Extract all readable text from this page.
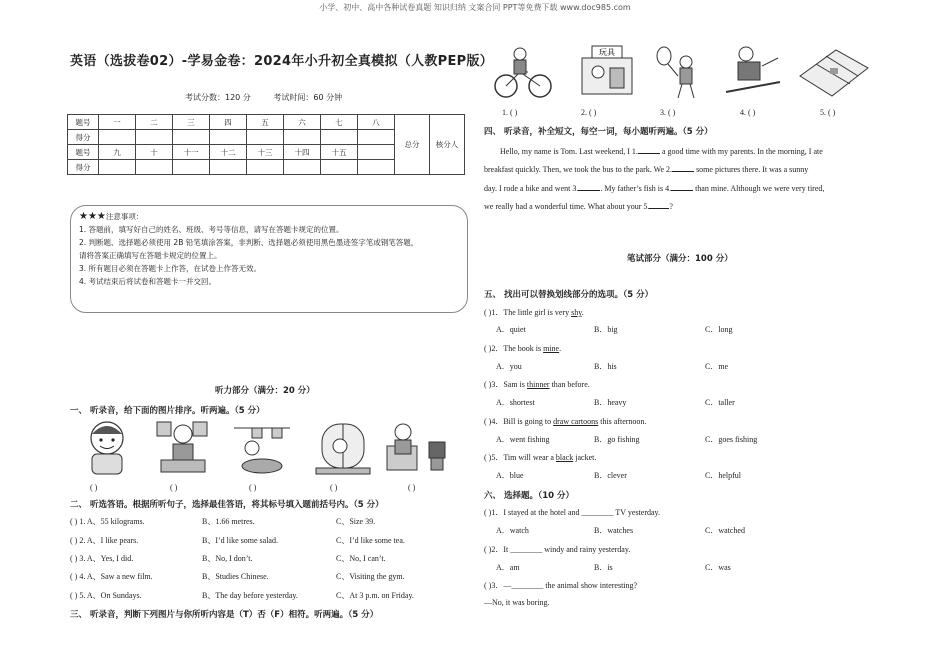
小学、初中、高中各种试卷真题 知识归纳 文案合同 PPT等免费下载 www.doc985.com
英语（选拔卷02）-学易金卷：2024年小升初全真模拟（人教PEP版）
考试分数：120 分	考试时间：60 分钟
题号	一	二	三	四	五	六	七	八	总分	核分人
得分										
题号	九	十	十一	十二	十三	十四	十五			
得分										
★★★注意事项：
1. 答题前，填写好自己的姓名、班级、考号等信息，请写在答题卡规定的位置。
2. 判断题、选择题必须使用 2B 铅笔填涂答案，非判断、选择题必须使用黑色墨迹签字笔或钢笔答题，
请将答案正确填写在答题卡规定的位置上。
3. 所有题目必须在答题卡上作答，在试卷上作答无效。
4. 考试结束后将试卷和答题卡一并交回。
听力部分（满分：20 分）
一、 听录音，给下面的图片排序。听两遍。（5 分）
( )	( )	( )	( )	( )
二、 听选答语。根据所听句子，选择最佳答语，将其标号填入题前括号内。（5 分）
( ) 1. A、55 kilograms.	B、1.66 metres.	C、Size 39.
( ) 2. A、I like pears.	B、I’d like some salad.	C、I’d like some tea.
( ) 3. A、Yes, I did.	B、No, I don’t.	C、No, I can’t.
( ) 4. A、Saw a new film.	B、Studies Chinese.	C、Visiting the gym.
( ) 5. A、On Sundays.	B、The day before yesterday.	C、At 3 p.m. on Friday.
三、 听录音，判断下列图片与你所听内容是（T）否（F）相符。听两遍。（5 分）
玩具
1. ( )	2. ( )	3. ( )	4. ( )	5. ( )
四、 听录音，补全短文，每空一词，每小题听两遍。（5 分）
Hello, my name is Tom. Last weekend, I 1.	a good time with my parents. In the morning, I ate
breakfast quickly. Then, we took the bus to the park. We 2.	some pictures there. It was a sunny
day. I rode a bike and went 3.	. My father’s fish is 4.	than mine. Although we were very tired,
we really had a wonderful time. What about your 5.	?
笔试部分（满分：100 分）
五、 找出可以替换划线部分的选项。（5 分）
( )1．The little girl is very shy.
A．quiet	B．big	C．long
( )2．The book is mine.
A．you	B．his	C．me
( )3．Sam is thinner than before.
A．shortest	B．heavy	C．taller
( )4．Bill is going to draw cartoons this afternoon.
A．went fishing	B．go fishing	C．goes fishing
( )5．Tim will wear a black jacket.
A．blue	B．clever	C．helpful
六、 选择题。（10 分）
( )1．I stayed at the hotel and ________ TV yesterday.
A．watch	B．watches	C．watched
( )2．It ________ windy and rainy yesterday.
A．am	B．is	C．was
( )3．—________ the animal show interesting?
—No, it was boring.
